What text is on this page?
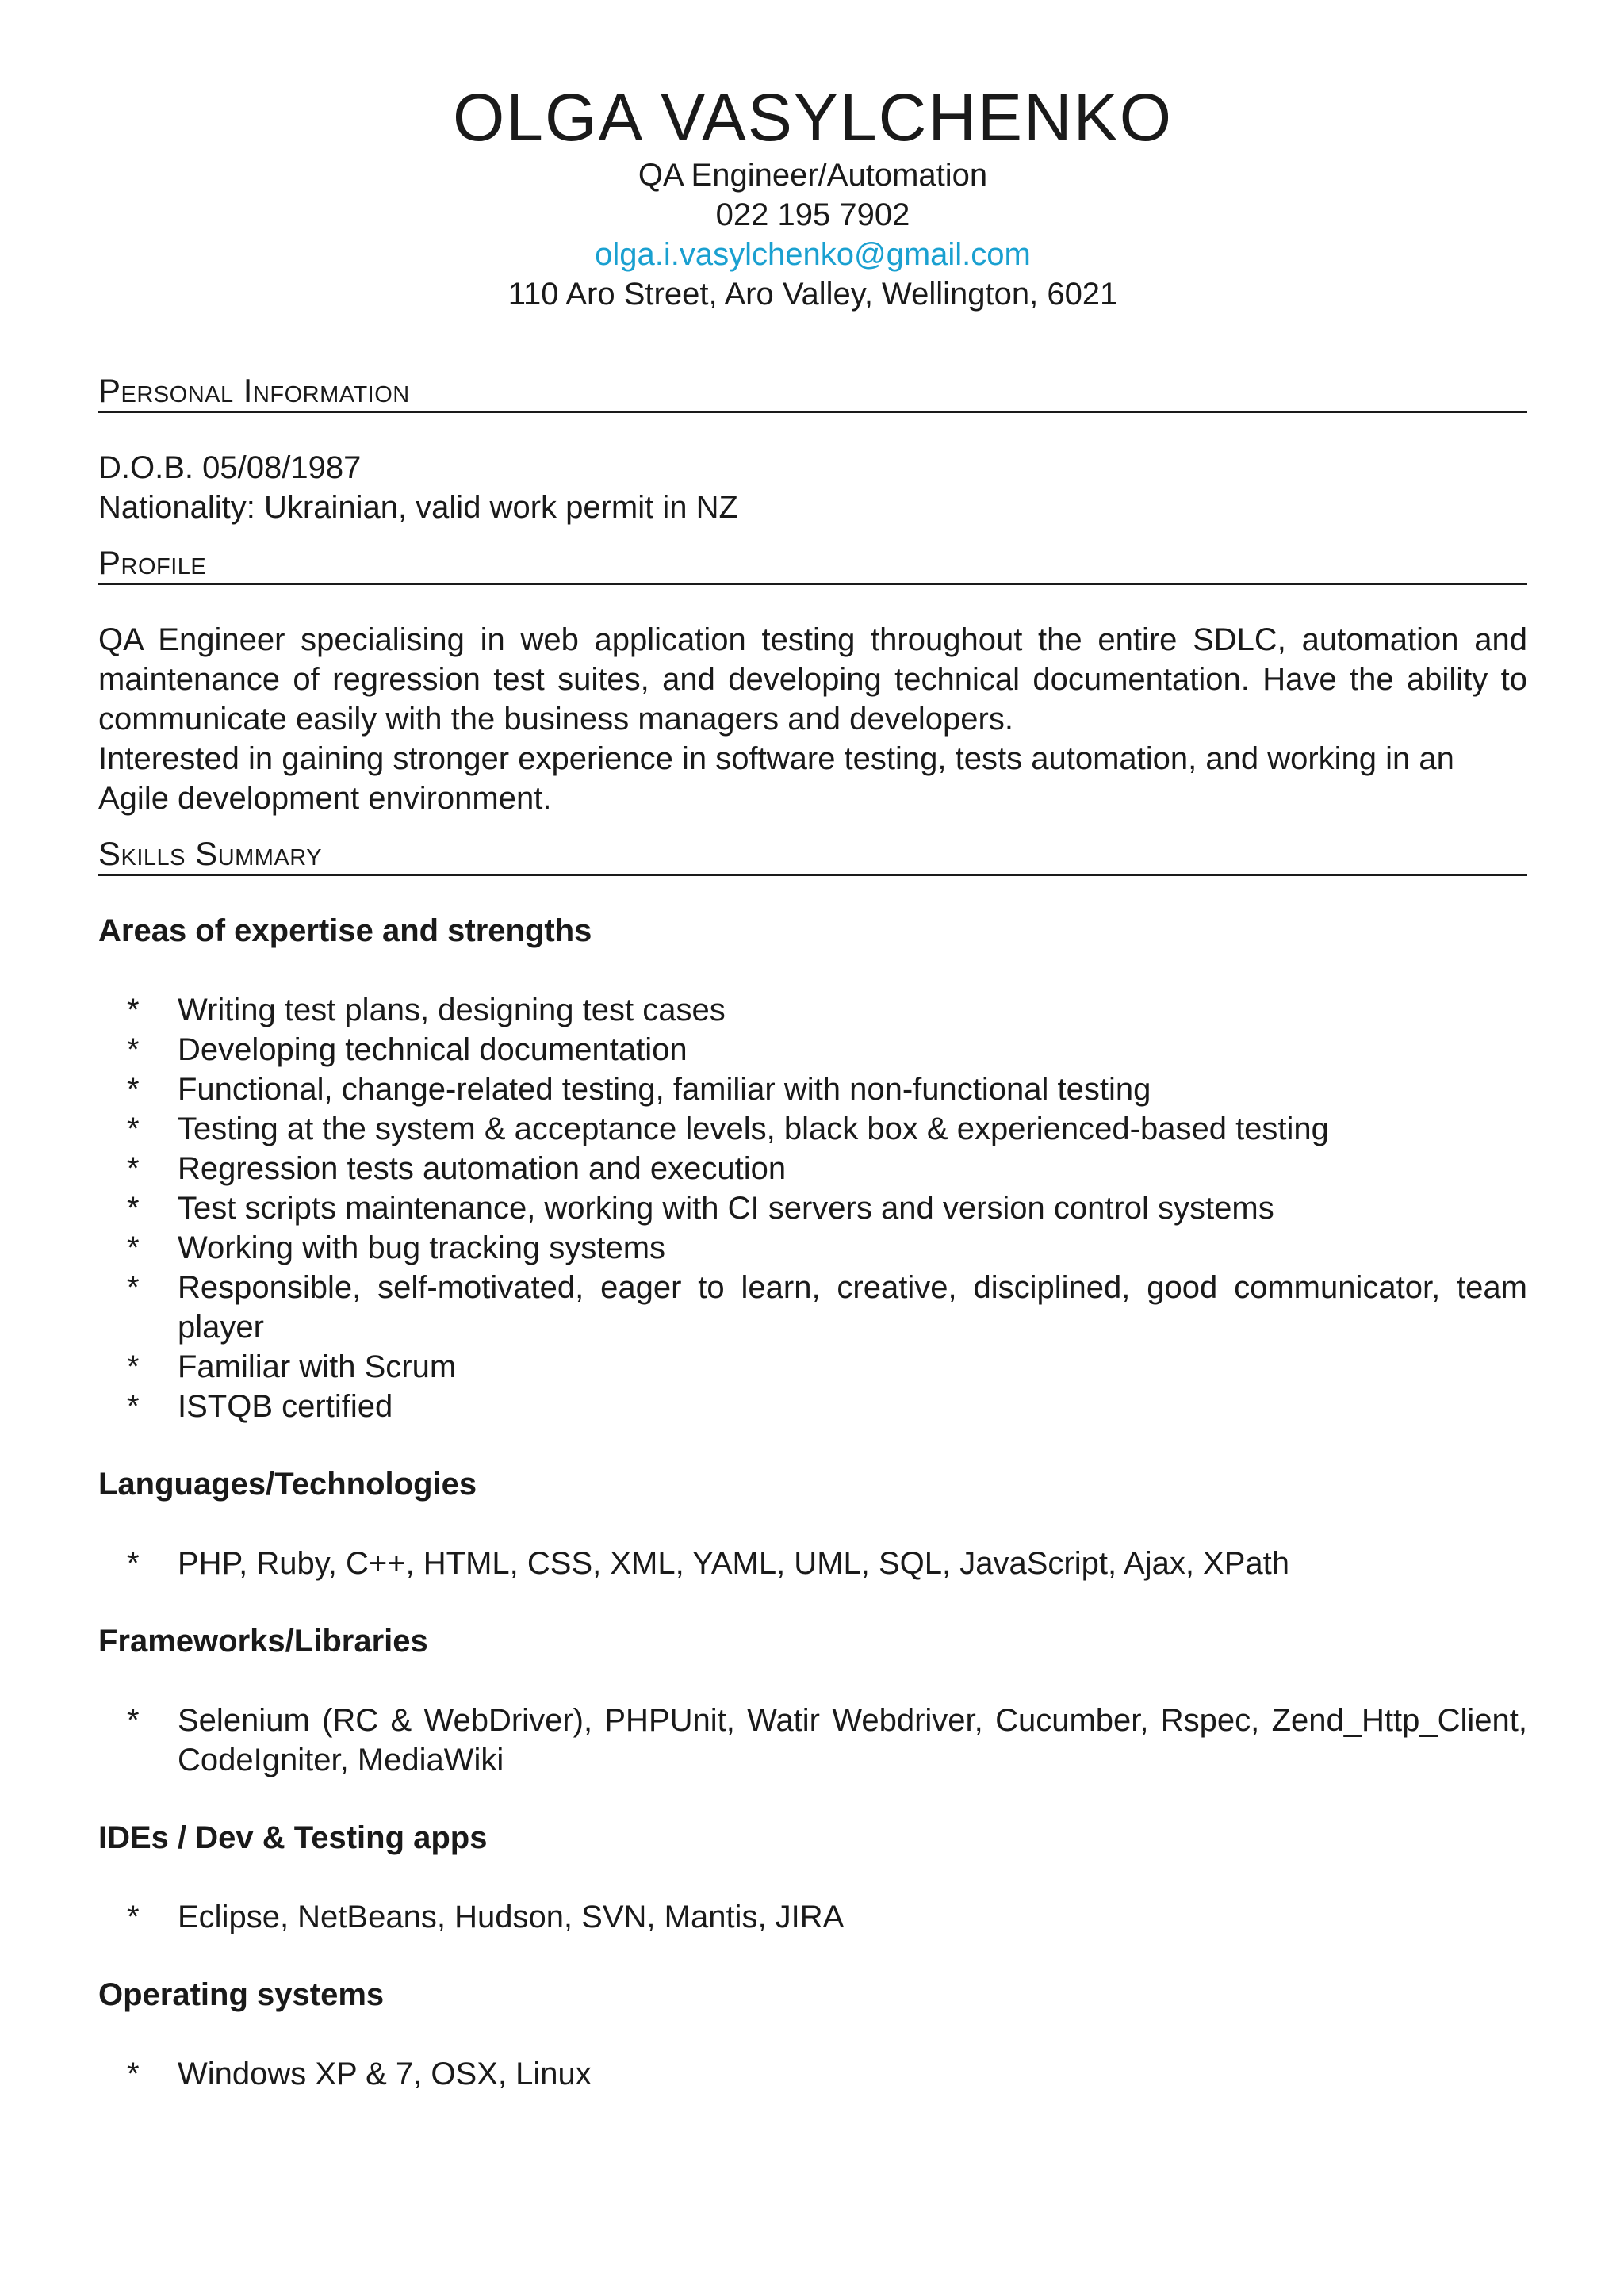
OLGA VASYLCHENKO

QA Engineer/Automation

022 195 7902

olga.i.vasylchenko@gmail.com

110 Aro Street, Aro Valley, Wellington, 6021

Personal Information

D.O.B. 05/08/1987

Nationality: Ukrainian, valid work permit in NZ

Profile

QA Engineer specialising in web application testing throughout the entire SDLC, automation and maintenance of regression test suites, and developing technical documentation. Have the ability to communicate easily with the business managers and developers.

Interested in gaining stronger experience in software testing, tests automation, and working in an Agile development environment.

Skills Summary
Areas of expertise and strengths
* Writing test plans, designing test cases
* Developing technical documentation
* Functional, change-related testing, familiar with non-functional testing
* Testing at the system & acceptance levels, black box & experienced-based testing
* Regression tests automation and execution
* Test scripts maintenance, working with CI servers and version control systems
* Working with bug tracking systems
* Responsible, self-motivated, eager to learn, creative, disciplined, good communicator, team player
* Familiar with Scrum
* ISTQB certified
Languages/Technologies
* PHP, Ruby, C++, HTML, CSS, XML, YAML, UML, SQL, JavaScript, Ajax, XPath
Frameworks/Libraries
* Selenium (RC & WebDriver), PHPUnit, Watir Webdriver, Cucumber, Rspec, Zend_Http_Client, CodeIgniter, MediaWiki
IDEs / Dev & Testing apps
* Eclipse, NetBeans, Hudson, SVN, Mantis, JIRA
Operating systems
* Windows XP & 7, OSX, Linux
